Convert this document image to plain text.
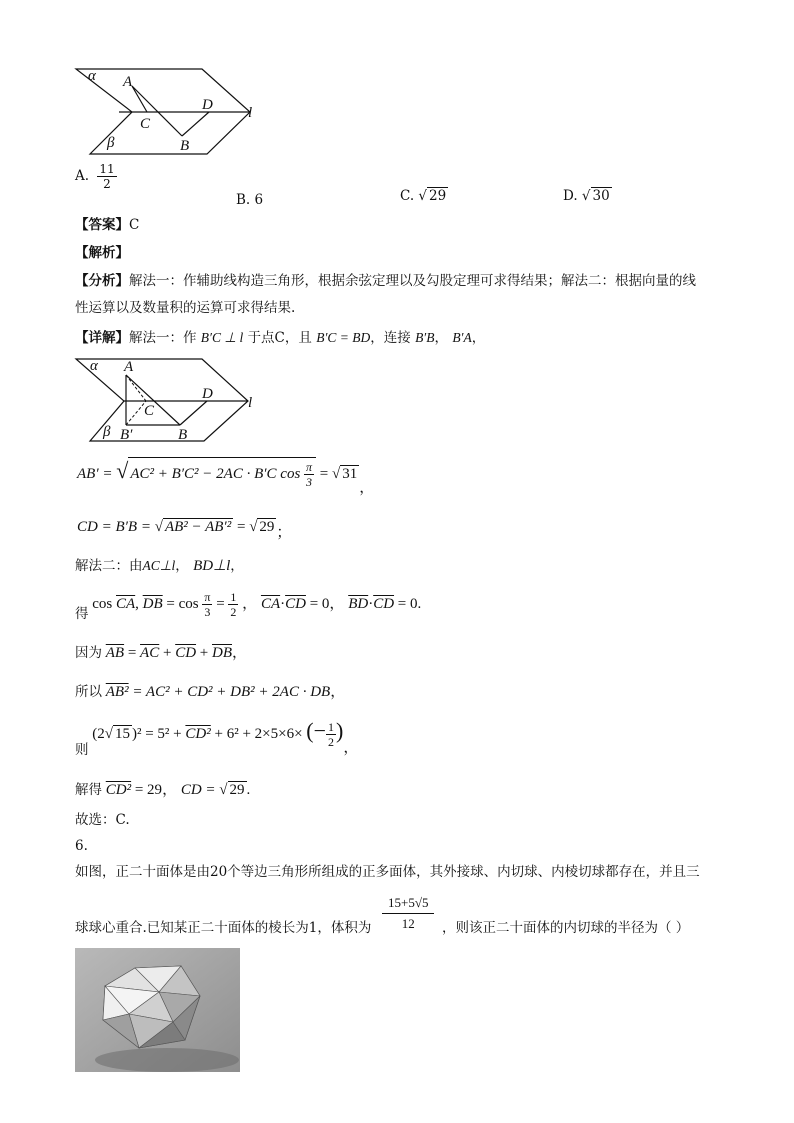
α A
C
D l
β	B
A. $\frac{11}{2}$
B. 6	C. √ 29	D. √ 30
【答案】C
【解析】
【分析】解法一：作辅助线构造三角形，根据余弦定理以及勾股定理可求得结果；解法二：根据向量的线
性运算以及数量积的运算可求得结果.
【详解】解法一：作 B′C ⊥ l 于点C，且 B′C = BD，连接 B′B， B′A，
α A
C
D
l
β B′	B
AB′ = √ AC² + B′C² − 2AC · B′C $\cos \frac{\pi}{3}$ = √ 31，
CD = B′B = √ AB² − AB′² = √ 29 ；
解法二：由AC⊥l， BD⊥l，
得 $\cos \overline{CA}$, $\overline{DB} = \cos \frac{\pi}{3} = \frac{1}{2}$ ， $\overline{CA}\cdot\overline{CD} = 0$， $\overline{BD}\cdot\overline{CD} = 0$.
因为 $\overline{AB} = \overline{AC} + \overline{CD} + \overline{DB}$，
所以 AB² = AC² + CD² + DB² + 2AC · DB，
则 (2√ 15 )² = 5² + CD² + 6² + 2×5×6× (− $\frac{1}{2}$ )，
解得 CD² = 29， CD = √ 29 .
故选：C.
6.
如图，正二十面体是由20个等边三角形所组成的正多面体，其外接球、内切球、内棱切球都存在，并且三
球球心重合.已知某正二十面体的棱长为1，体积为 $\frac{15+5√5}{12}$ ，则该正二十面体的内切球的半径为（ ）
